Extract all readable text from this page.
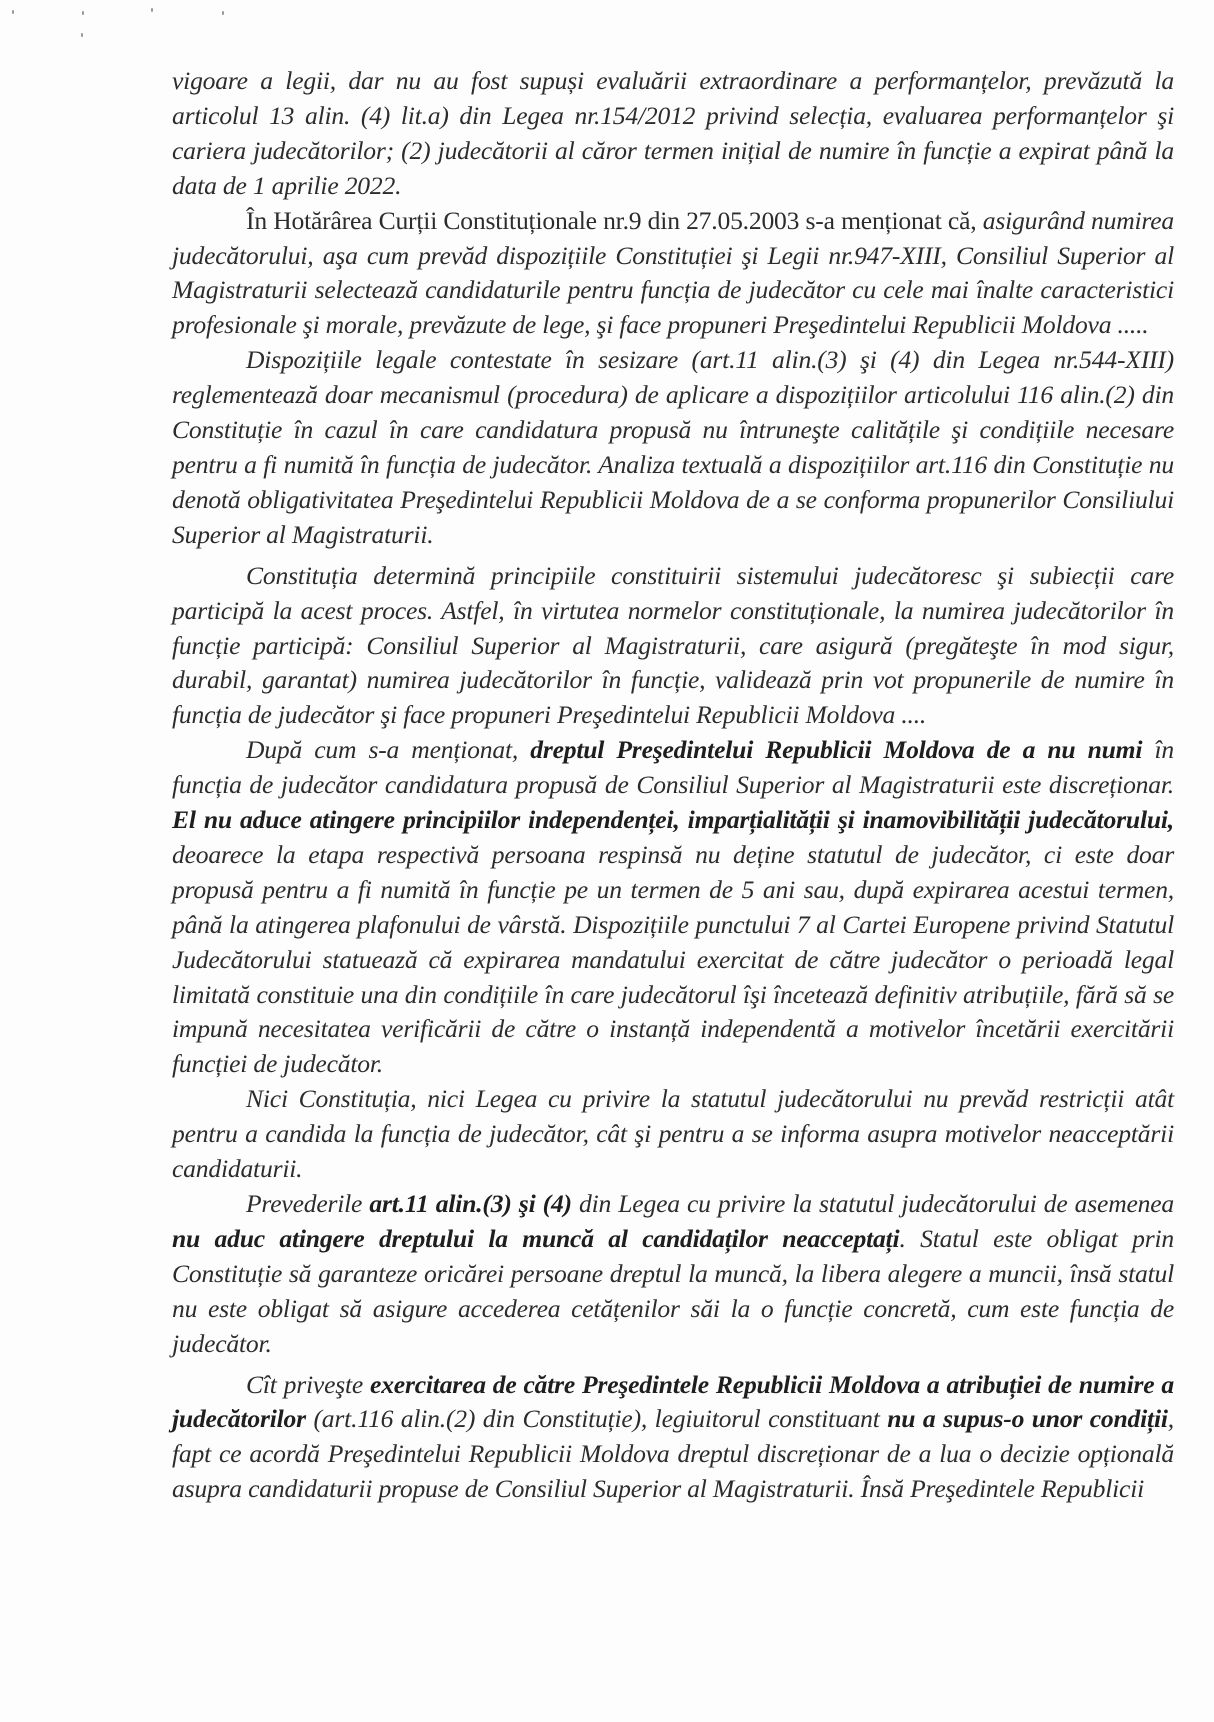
vigoare a legii, dar nu au fost supuși evaluării extraordinare a performanțelor, prevăzută la articolul 13 alin. (4) lit.a) din Legea nr.154/2012 privind selecția, evaluarea performanțelor şi cariera judecătorilor; (2) judecătorii al căror termen inițial de numire în funcție a expirat până la data de 1 aprilie 2022.

În Hotărârea Curții Constituționale nr.9 din 27.05.2003 s-a menționat că, asigurând numirea judecătorului, aşa cum prevăd dispozițiile Constituției şi Legii nr.947-XIII, Consiliul Superior al Magistraturii selectează candidaturile pentru funcția de judecător cu cele mai înalte caracteristici profesionale şi morale, prevăzute de lege, şi face propuneri Preşedintelui Republicii Moldova .....

Dispozițiile legale contestate în sesizare (art.11 alin.(3) şi (4) din Legea nr.544-XIII) reglementează doar mecanismul (procedura) de aplicare a dispozițiilor articolului 116 alin.(2) din Constituție în cazul în care candidatura propusă nu întruneşte calitățile şi condițiile necesare pentru a fi numită în funcția de judecător. Analiza textuală a dispozițiilor art.116 din Constituție nu denotă obligativitatea Preşedintelui Republicii Moldova de a se conforma propunerilor Consiliului Superior al Magistraturii.

Constituția determină principiile constituirii sistemului judecătoresc şi subiecții care participă la acest proces. Astfel, în virtutea normelor constituționale, la numirea judecătorilor în funcție participă: Consiliul Superior al Magistraturii, care asigură (pregăteşte în mod sigur, durabil, garantat) numirea judecătorilor în funcție, validează prin vot propunerile de numire în funcția de judecător şi face propuneri Preşedintelui Republicii Moldova ....

După cum s-a menționat, dreptul Preşedintelui Republicii Moldova de a nu numi în funcția de judecător candidatura propusă de Consiliul Superior al Magistraturii este discreționar. El nu aduce atingere principiilor independenței, imparțialității şi inamovibilității judecătorului, deoarece la etapa respectivă persoana respinsă nu deține statutul de judecător, ci este doar propusă pentru a fi numită în funcție pe un termen de 5 ani sau, după expirarea acestui termen, până la atingerea plafonului de vârstă. Dispozițiile punctului 7 al Cartei Europene privind Statutul Judecătorului statuează că expirarea mandatului exercitat de către judecător o perioadă legal limitată constituie una din condițiile în care judecătorul îşi încetează definitiv atribuțiile, fără să se impună necesitatea verificării de către o instanță independentă a motivelor încetării exercitării funcției de judecător.

Nici Constituția, nici Legea cu privire la statutul judecătorului nu prevăd restricții atât pentru a candida la funcția de judecător, cât şi pentru a se informa asupra motivelor neacceptării candidaturii.

Prevederile art.11 alin.(3) şi (4) din Legea cu privire la statutul judecătorului de asemenea nu aduc atingere dreptului la muncă al candidaților neacceptați. Statul este obligat prin Constituție să garanteze oricărei persoane dreptul la muncă, la libera alegere a muncii, însă statul nu este obligat să asigure accederea cetățenilor săi la o funcție concretă, cum este funcția de judecător.

Cît priveşte exercitarea de către Preşedintele Republicii Moldova a atribuției de numire a judecătorilor (art.116 alin.(2) din Constituție), legiuitorul constituant nu a supus-o unor condiții, fapt ce acordă Preşedintelui Republicii Moldova dreptul discreționar de a lua o decizie opțională asupra candidaturii propuse de Consiliul Superior al Magistraturii. Însă Preşedintele Republicii
